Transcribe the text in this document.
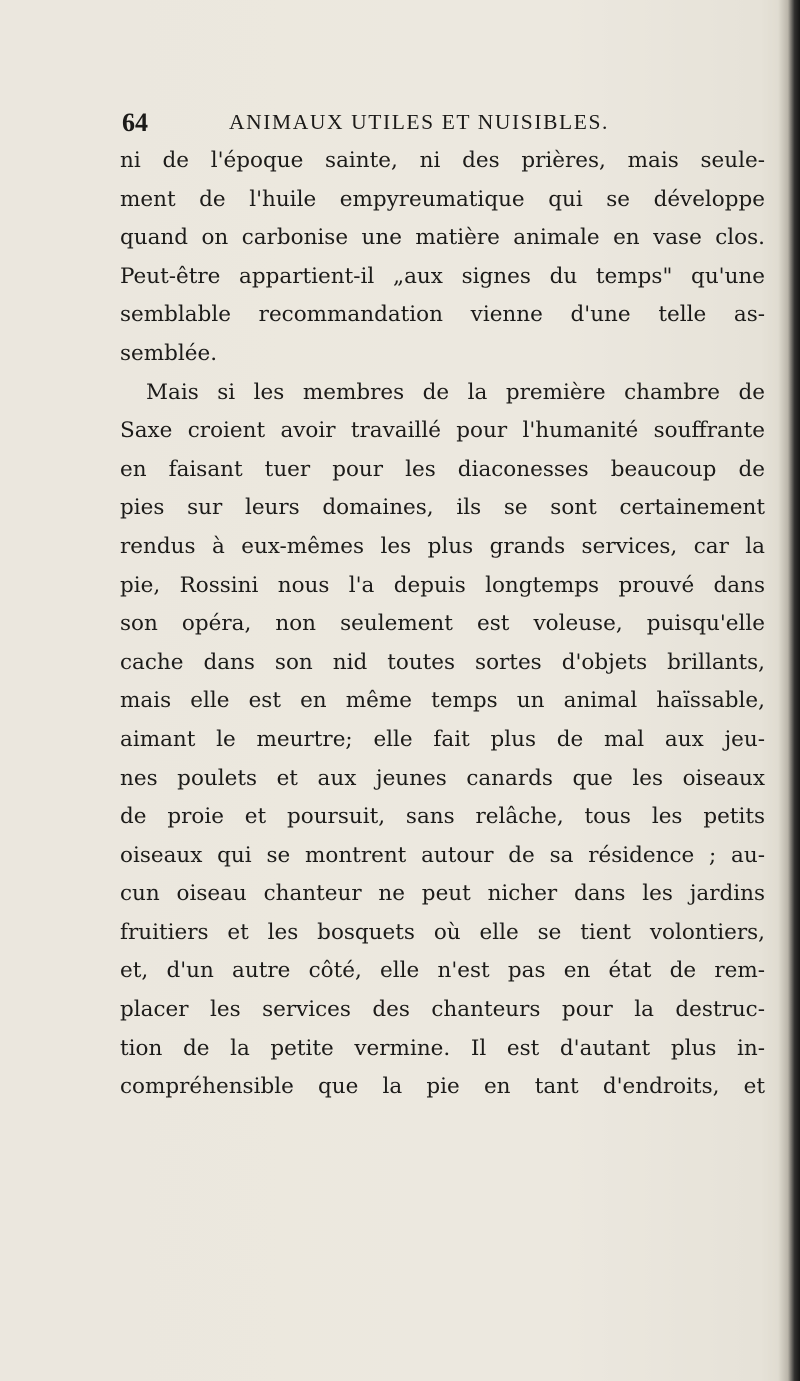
64	ANIMAUX UTILES ET NUISIBLES.
ni de l'époque sainte, ni des prières, mais seule-
ment de l'huile empyreumatique qui se développe
quand on carbonise une matière animale en vase clos.
Peut-être appartient-il „aux signes du temps" qu'une
semblable recommandation vienne d'une telle as-
semblée.
Mais si les membres de la première chambre de
Saxe croient avoir travaillé pour l'humanité souffrante
en faisant tuer pour les diaconesses beaucoup de
pies sur leurs domaines, ils se sont certainement
rendus à eux-mêmes les plus grands services, car la
pie, Rossini nous l'a depuis longtemps prouvé dans
son opéra, non seulement est voleuse, puisqu'elle
cache dans son nid toutes sortes d'objets brillants,
mais elle est en même temps un animal haïssable,
aimant le meurtre; elle fait plus de mal aux jeu-
nes poulets et aux jeunes canards que les oiseaux
de proie et poursuit, sans relâche, tous les petits
oiseaux qui se montrent autour de sa résidence ; au-
cun oiseau chanteur ne peut nicher dans les jardins
fruitiers et les bosquets où elle se tient volontiers,
et, d'un autre côté, elle n'est pas en état de rem-
placer les services des chanteurs pour la destruc-
tion de la petite vermine. Il est d'autant plus in-
compréhensible que la pie en tant d'endroits, et
